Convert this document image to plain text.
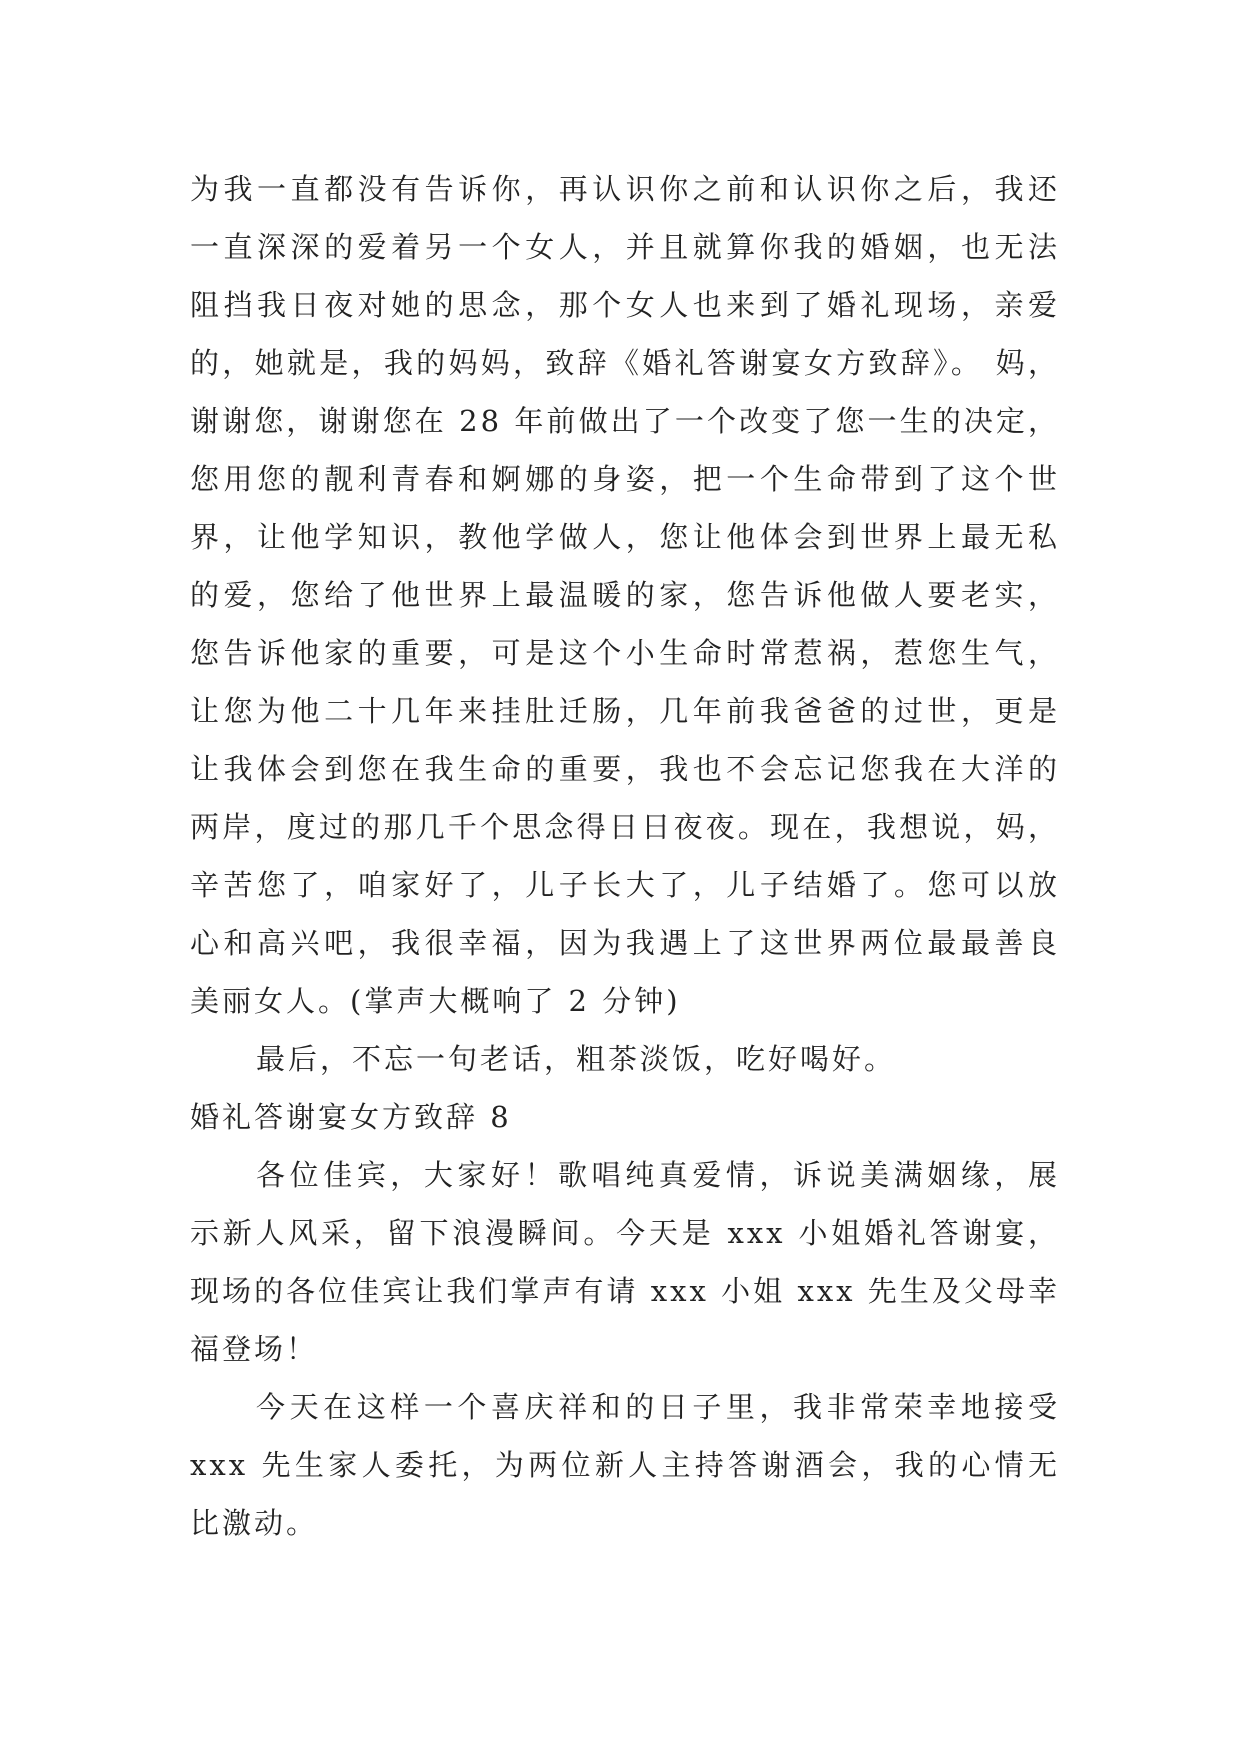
为我一直都没有告诉你，再认识你之前和认识你之后，我还
一直深深的爱着另一个女人，并且就算你我的婚姻，也无法
阻挡我日夜对她的思念，那个女人也来到了婚礼现场，亲爱
的，她就是，我的妈妈，致辞《婚礼答谢宴女方致辞》。 妈，
谢谢您，谢谢您在 28 年前做出了一个改变了您一生的决定，
您用您的靓利青春和婀娜的身姿，把一个生命带到了这个世
界，让他学知识，教他学做人，您让他体会到世界上最无私
的爱，您给了他世界上最温暖的家，您告诉他做人要老实，
您告诉他家的重要，可是这个小生命时常惹祸，惹您生气，
让您为他二十几年来挂肚迁肠，几年前我爸爸的过世，更是
让我体会到您在我生命的重要，我也不会忘记您我在大洋的
两岸，度过的那几千个思念得日日夜夜。现在，我想说，妈，
辛苦您了，咱家好了，儿子长大了，儿子结婚了。您可以放
心和高兴吧，我很幸福，因为我遇上了这世界两位最最善良
美丽女人。(掌声大概响了 2 分钟)
最后，不忘一句老话，粗茶淡饭，吃好喝好。
婚礼答谢宴女方致辞 8
各位佳宾，大家好！歌唱纯真爱情，诉说美满姻缘，展
示新人风采，留下浪漫瞬间。今天是 xxx 小姐婚礼答谢宴，
现场的各位佳宾让我们掌声有请 xxx 小姐 xxx 先生及父母幸
福登场！
今天在这样一个喜庆祥和的日子里，我非常荣幸地接受
xxx 先生家人委托，为两位新人主持答谢酒会，我的心情无
比激动。
